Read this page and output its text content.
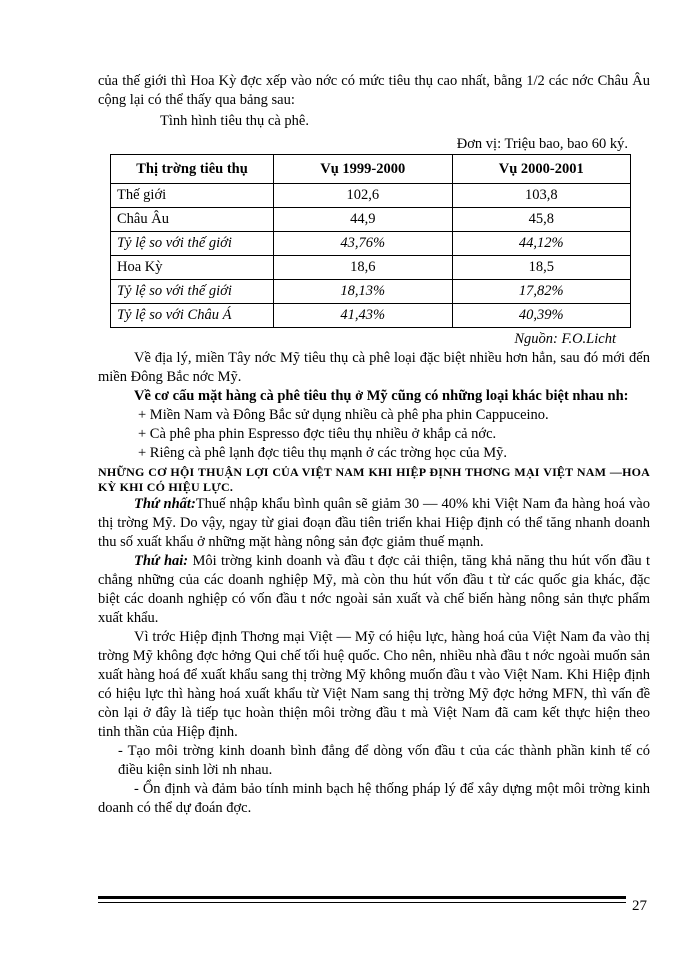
của thế giới thì Hoa Kỳ đợc xếp vào nớc có mức tiêu thụ cao nhất, bằng 1/2 các nớc Châu Âu cộng lại có thể thấy qua bảng sau:

Tình hình tiêu thụ cà phê.

Đơn vị: Triệu bao, bao 60 ký.

Thị trờng tiêu thụ	Vụ 1999-2000	Vụ 2000-2001
Thế giới	102,6	103,8
Châu Âu	44,9	45,8
Tỷ lệ so với thế giới	43,76%	44,12%
Hoa Kỳ	18,6	18,5
Tỷ lệ so với thế giới	18,13%	17,82%
Tỷ lệ so với Châu Á	41,43%	40,39%

Nguồn: F.O.Licht

Về địa lý, miền Tây nớc Mỹ tiêu thụ cà phê loại đặc biệt nhiều hơn hẳn, sau đó mới đến miền Đông Bắc nớc Mỹ.

Về cơ cấu mặt hàng cà phê tiêu thụ ở Mỹ cũng có những loại khác biệt nhau nh:

+ Miền Nam và Đông Bắc sử dụng nhiều cà phê pha phin Cappuceino.

+ Cà phê pha phin Espresso đợc tiêu thụ nhiều ở khắp cả nớc.

+ Riêng cà phê lạnh đợc tiêu thụ mạnh ở các trờng học của Mỹ.

NHỮNG CƠ HỘI THUẬN LỢI CỦA VIỆT NAM KHI HIỆP ĐỊNH THƠNG MẠI VIỆT NAM —HOA KỲ KHI CÓ HIỆU LỰC.

Thứ nhất:Thuế nhập khẩu bình quân sẽ giảm 30 — 40% khi Việt Nam đa hàng hoá vào thị trờng Mỹ. Do vậy, ngay từ giai đoạn đầu tiên triển khai Hiệp định có thể tăng nhanh doanh thu số xuất khẩu ở những mặt hàng nông sản đợc giảm thuế mạnh.

Thứ hai: Môi trờng kinh doanh và đầu t đợc cải thiện, tăng khả năng thu hút vốn đầu t chẳng những của các doanh nghiệp Mỹ, mà còn thu hút vốn đầu t từ các quốc gia khác, đặc biệt các doanh nghiệp có vốn đầu t nớc ngoài sản xuất và chế biến hàng nông sản thực phẩm xuất khẩu.

Vì trớc Hiệp định Thơng mại Việt — Mỹ có hiệu lực, hàng hoá của Việt Nam đa vào thị trờng Mỹ không đợc hởng Qui chế tối huệ quốc. Cho nên, nhiều nhà đầu t nớc ngoài muốn sản xuất hàng hoá để xuất khẩu sang thị trờng Mỹ không muốn đầu t vào Việt Nam. Khi Hiệp định có hiệu lực thì hàng hoá xuất khẩu từ Việt Nam sang thị trờng Mỹ đợc hởng MFN, thì vấn đề còn lại ở đây là tiếp tục hoàn thiện môi trờng đầu t mà Việt Nam đã cam kết thực hiện theo tinh thần của Hiệp định.

- Tạo môi trờng kinh doanh bình đẳng để dòng vốn đầu t của các thành phần kinh tế có điều kiện sinh lời nh nhau.

- Ổn định và đảm bảo tính minh bạch hệ thống pháp lý để xây dựng một môi trờng kinh doanh có thể dự đoán đợc.

27
